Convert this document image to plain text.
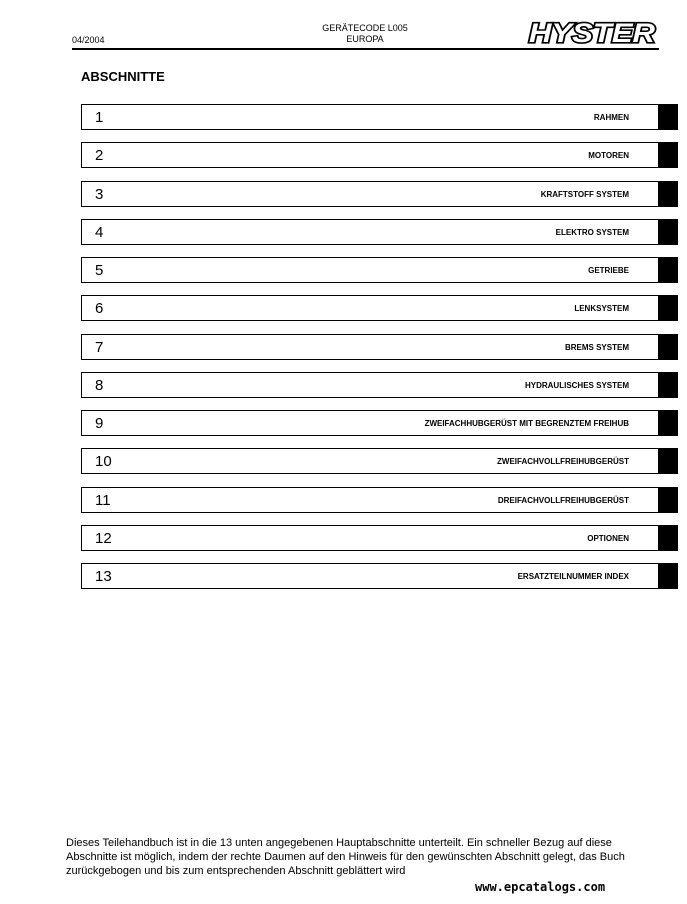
04/2004
GERÄTECODE L005
EUROPA	HYSTER
ABSCHNITTE
1	RAHMEN
2	MOTOREN
3	KRAFTSTOFF SYSTEM
4	ELEKTRO SYSTEM
5	GETRIEBE
6	LENKSYSTEM
7	BREMS SYSTEM
8	HYDRAULISCHES SYSTEM
9	ZWEIFACHHUBGERÜST MIT BEGRENZTEM FREIHUB
10	ZWEIFACHVOLLFREIHUBGERÜST
11	DREIFACHVOLLFREIHUBGERÜST
12	OPTIONEN
13	ERSATZTEILNUMMER INDEX
Dieses Teilehandbuch ist in die 13 unten angegebenen Hauptabschnitte unterteilt. Ein schneller Bezug auf diese
Abschnitte ist möglich, indem der rechte Daumen auf den Hinweis für den gewünschten Abschnitt gelegt, das Buch
zurückgebogen und bis zum entsprechenden Abschnitt geblättert wird
www.epcatalogs.com
